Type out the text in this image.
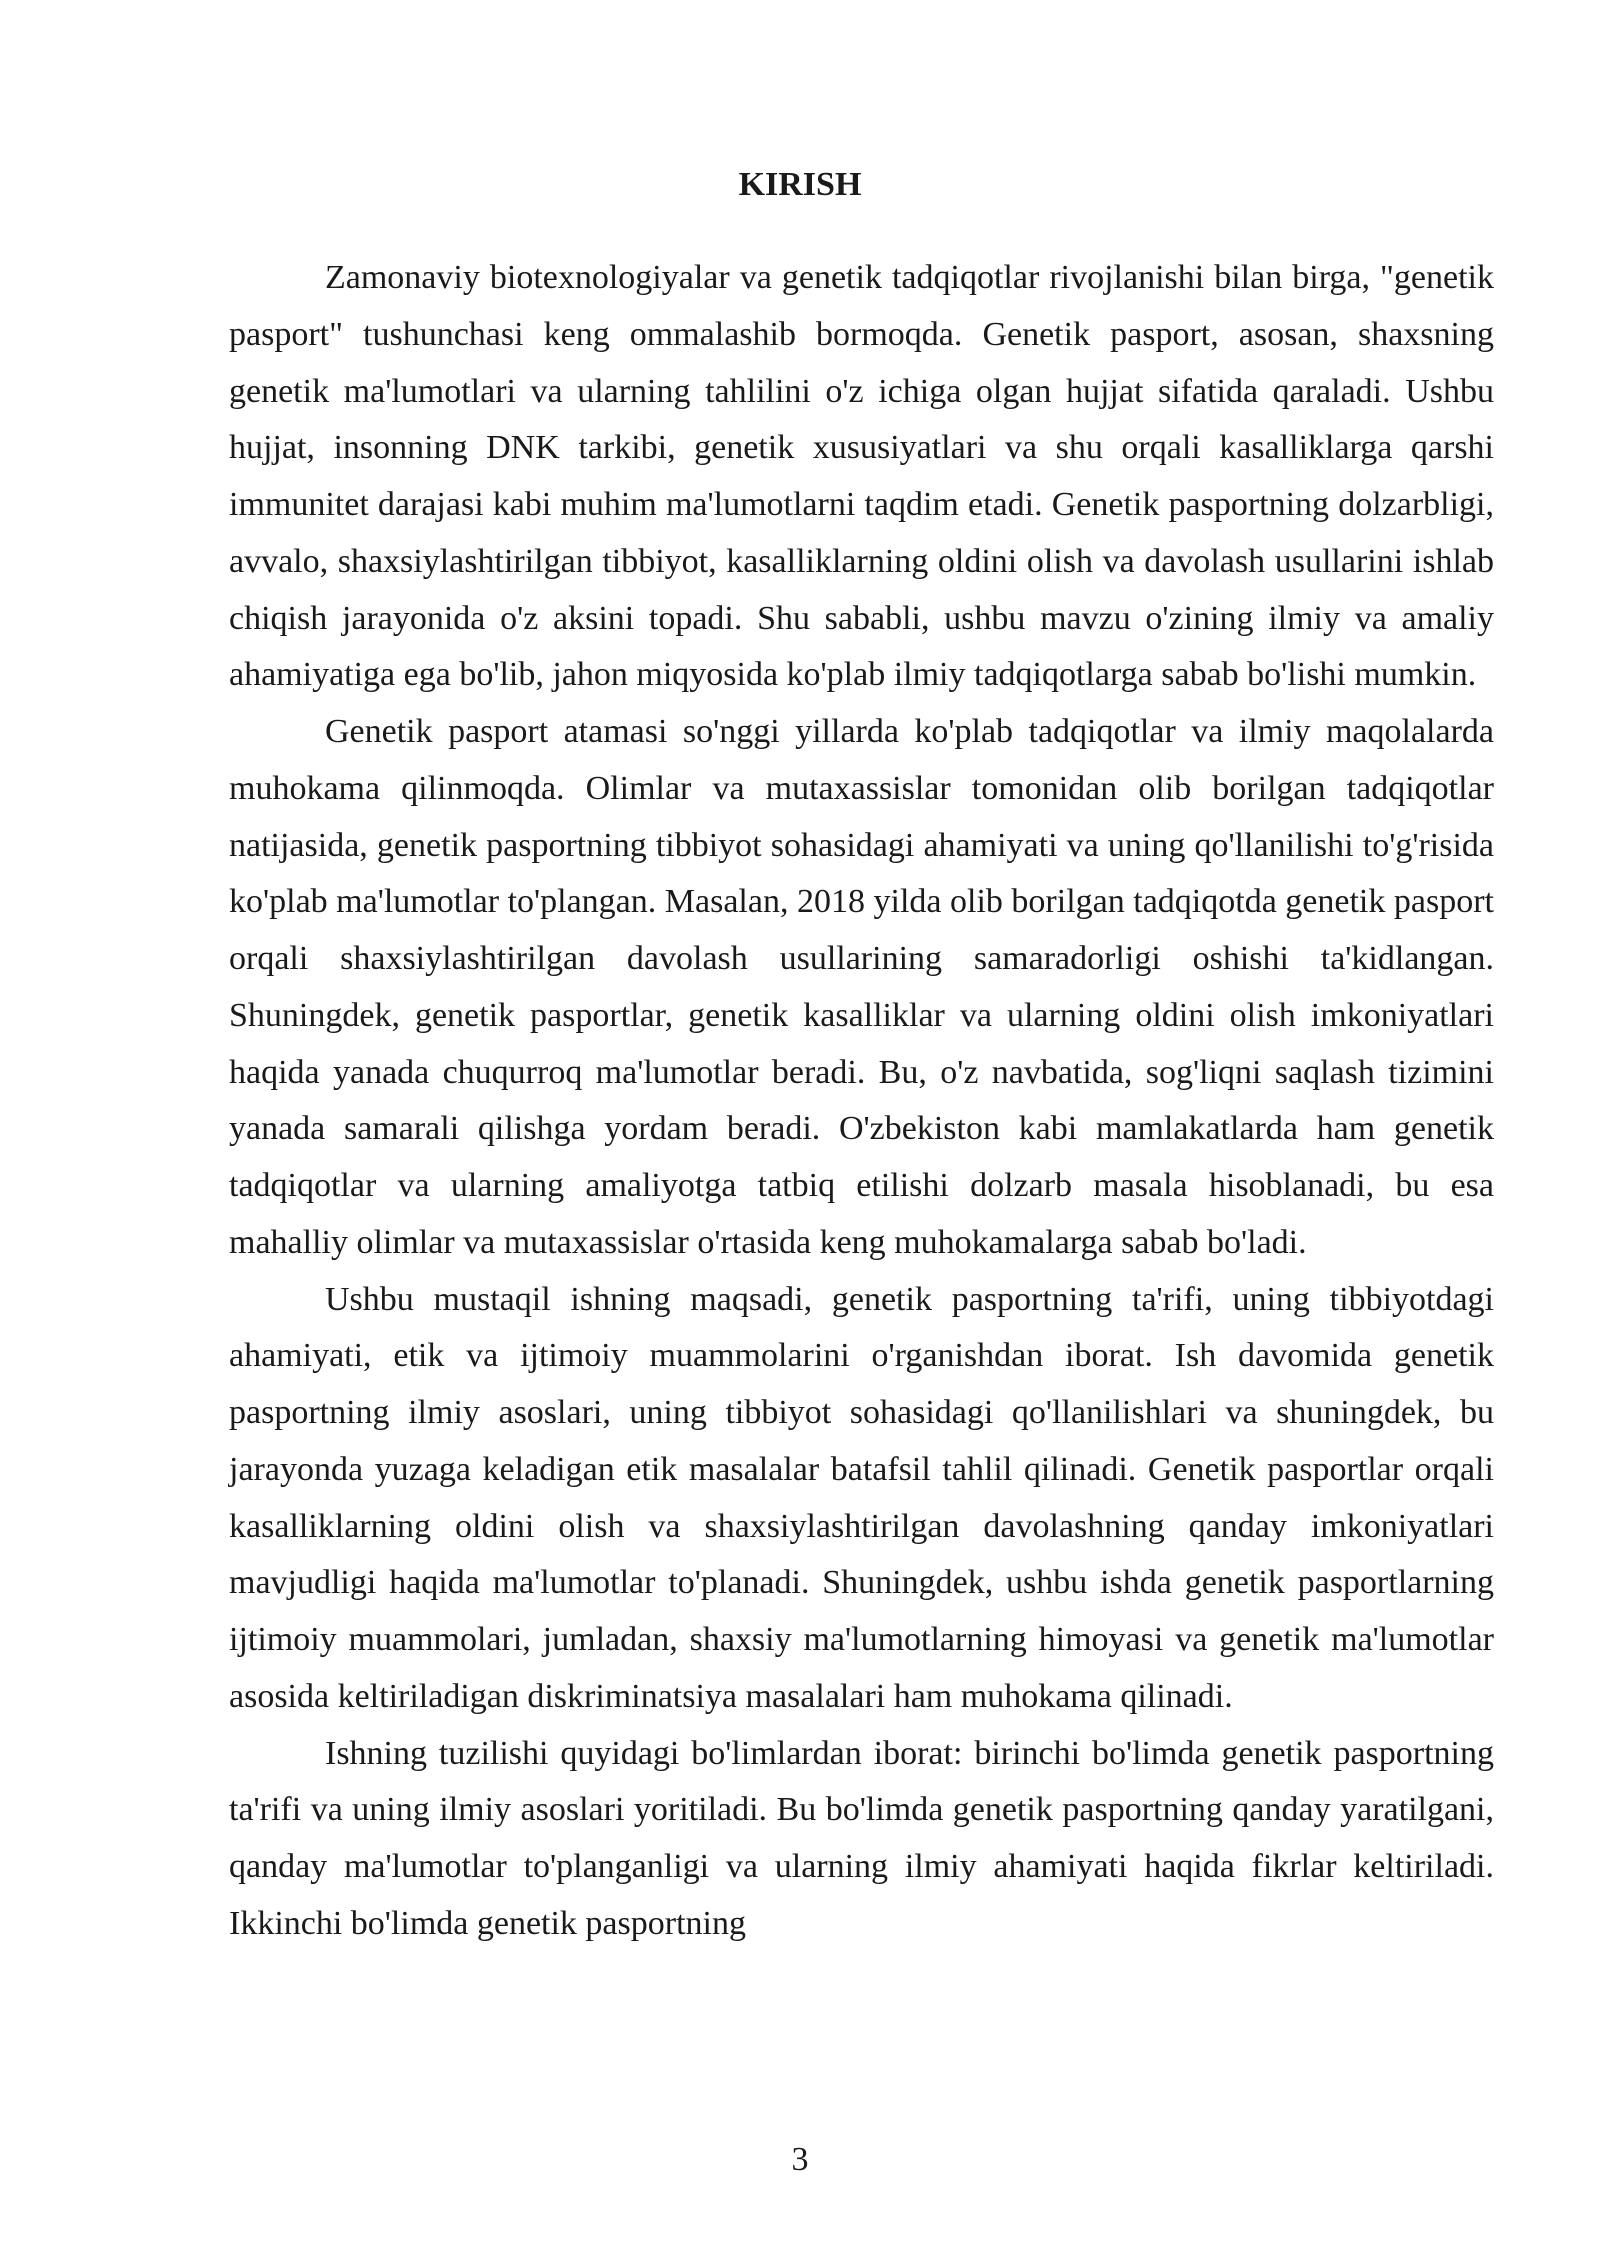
KIRISH

Zamonaviy biotexnologiyalar va genetik tadqiqotlar rivojlanishi bilan birga, "genetik pasport" tushunchasi keng ommalashib bormoqda. Genetik pasport, asosan, shaxsning genetik ma'lumotlari va ularning tahlilini o'z ichiga olgan hujjat sifatida qaraladi. Ushbu hujjat, insonning DNK tarkibi, genetik xususiyatlari va shu orqali kasalliklarga qarshi immunitet darajasi kabi muhim ma'lumotlarni taqdim etadi. Genetik pasportning dolzarbligi, avvalo, shaxsiylashtirilgan tibbiyot, kasalliklarning oldini olish va davolash usullarini ishlab chiqish jarayonida o'z aksini topadi. Shu sababli, ushbu mavzu o'zining ilmiy va amaliy ahamiyatiga ega bo'lib, jahon miqyosida ko'plab ilmiy tadqiqotlarga sabab bo'lishi mumkin.

Genetik pasport atamasi so'nggi yillarda ko'plab tadqiqotlar va ilmiy maqolalarda muhokama qilinmoqda. Olimlar va mutaxassislar tomonidan olib borilgan tadqiqotlar natijasida, genetik pasportning tibbiyot sohasidagi ahamiyati va uning qo'llanilishi to'g'risida ko'plab ma'lumotlar to'plangan. Masalan, 2018 yilda olib borilgan tadqiqotda genetik pasport orqali shaxsiylashtirilgan davolash usullarining samaradorligi oshishi ta'kidlangan. Shuningdek, genetik pasportlar, genetik kasalliklar va ularning oldini olish imkoniyatlari haqida yanada chuqurroq ma'lumotlar beradi. Bu, o'z navbatida, sog'liqni saqlash tizimini yanada samarali qilishga yordam beradi. O'zbekiston kabi mamlakatlarda ham genetik tadqiqotlar va ularning amaliyotga tatbiq etilishi dolzarb masala hisoblanadi, bu esa mahalliy olimlar va mutaxassislar o'rtasida keng muhokamalarga sabab bo'ladi.

Ushbu mustaqil ishning maqsadi, genetik pasportning ta'rifi, uning tibbiyotdagi ahamiyati, etik va ijtimoiy muammolarini o'rganishdan iborat. Ish davomida genetik pasportning ilmiy asoslari, uning tibbiyot sohasidagi qo'llanilishlari va shuningdek, bu jarayonda yuzaga keladigan etik masalalar batafsil tahlil qilinadi. Genetik pasportlar orqali kasalliklarning oldini olish va shaxsiylashtirilgan davolashning qanday imkoniyatlari mavjudligi haqida ma'lumotlar to'planadi. Shuningdek, ushbu ishda genetik pasportlarning ijtimoiy muammolari, jumladan, shaxsiy ma'lumotlarning himoyasi va genetik ma'lumotlar asosida keltiriladigan diskriminatsiya masalalari ham muhokama qilinadi.

Ishning tuzilishi quyidagi bo'limlardan iborat: birinchi bo'limda genetik pasportning ta'rifi va uning ilmiy asoslari yoritiladi. Bu bo'limda genetik pasportning qanday yaratilgani, qanday ma'lumotlar to'planganligi va ularning ilmiy ahamiyati haqida fikrlar keltiriladi. Ikkinchi bo'limda genetik pasportning

3
